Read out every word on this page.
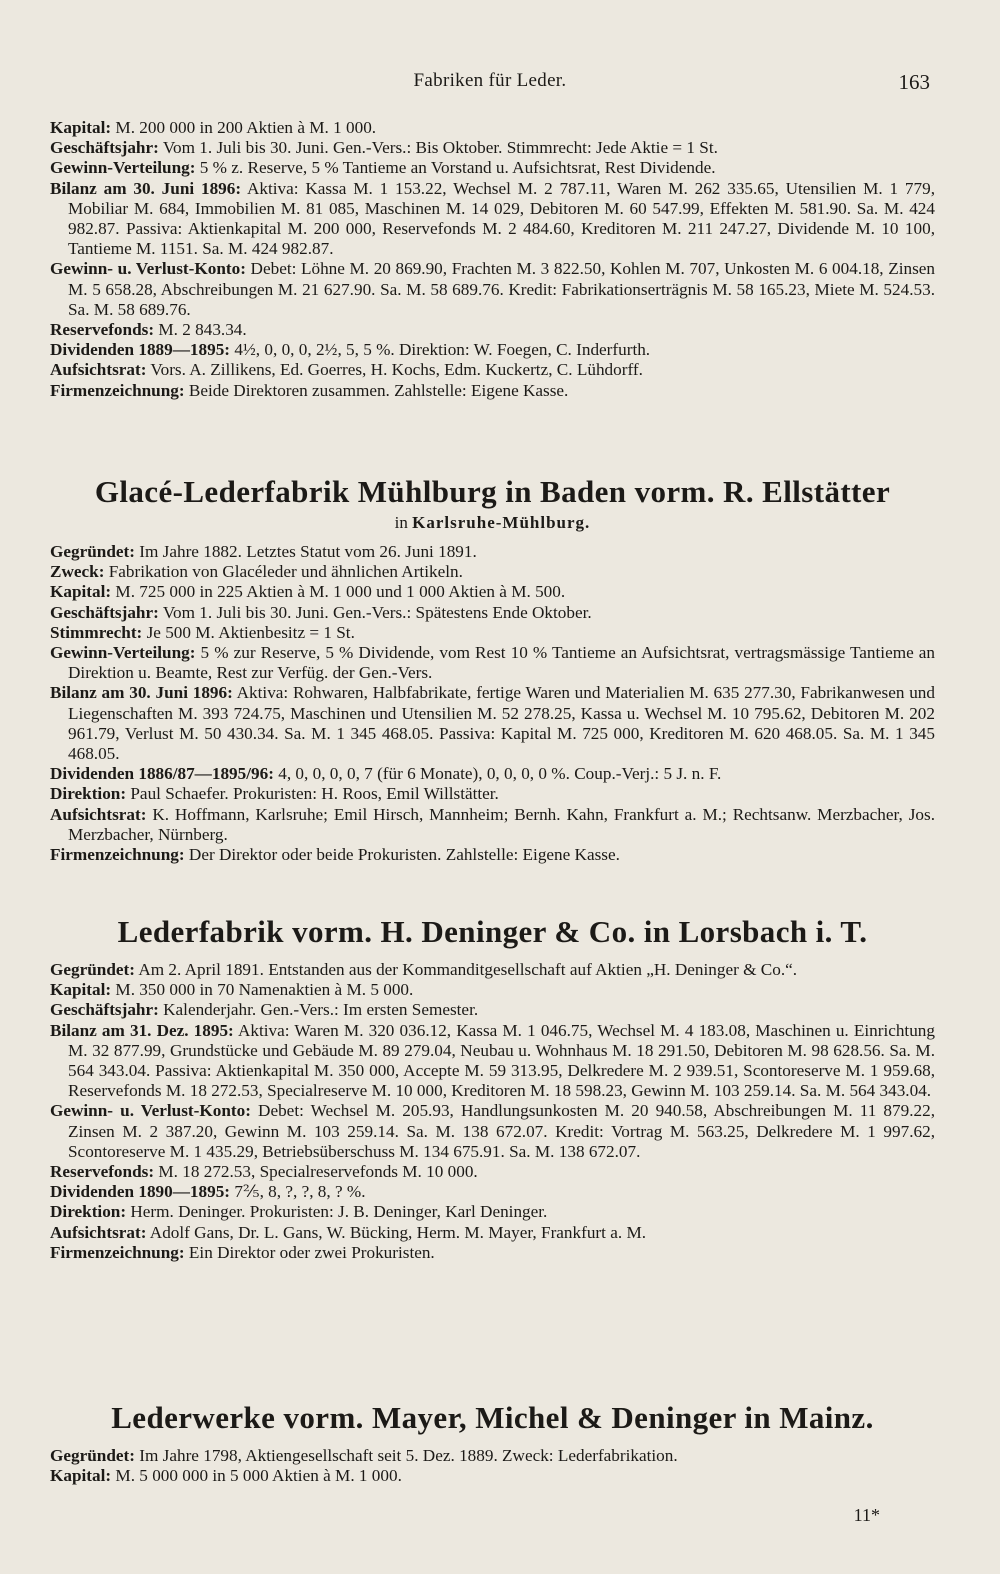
Fabriken für Leder.	163

Kapital: M. 200 000 in 200 Aktien à M. 1 000.

Geschäftsjahr: Vom 1. Juli bis 30. Juni. Gen.-Vers.: Bis Oktober. Stimmrecht: Jede Aktie = 1 St.

Gewinn-Verteilung: 5 % z. Reserve, 5 % Tantieme an Vorstand u. Aufsichtsrat, Rest Dividende.

Bilanz am 30. Juni 1896: Aktiva: Kassa M. 1 153.22, Wechsel M. 2 787.11, Waren M. 262 335.65, Utensilien M. 1 779, Mobiliar M. 684, Immobilien M. 81 085, Maschinen M. 14 029, Debitoren M. 60 547.99, Effekten M. 581.90. Sa. M. 424 982.87. Passiva: Aktienkapital M. 200 000, Reservefonds M. 2 484.60, Kreditoren M. 211 247.27, Dividende M. 10 100, Tantieme M. 1151. Sa. M. 424 982.87.

Gewinn- u. Verlust-Konto: Debet: Löhne M. 20 869.90, Frachten M. 3 822.50, Kohlen M. 707, Unkosten M. 6 004.18, Zinsen M. 5 658.28, Abschreibungen M. 21 627.90. Sa. M. 58 689.76. Kredit: Fabrikationserträgnis M. 58 165.23, Miete M. 524.53. Sa. M. 58 689.76.

Reservefonds: M. 2 843.34.

Dividenden 1889—1895: 4½, 0, 0, 0, 2½, 5, 5 %. Direktion: W. Foegen, C. Inderfurth.

Aufsichtsrat: Vors. A. Zillikens, Ed. Goerres, H. Kochs, Edm. Kuckertz, C. Lühdorff.

Firmenzeichnung: Beide Direktoren zusammen. Zahlstelle: Eigene Kasse.

Glacé-Lederfabrik Mühlburg in Baden vorm. R. Ellstätter
in Karlsruhe-Mühlburg.

Gegründet: Im Jahre 1882. Letztes Statut vom 26. Juni 1891.

Zweck: Fabrikation von Glacéleder und ähnlichen Artikeln.

Kapital: M. 725 000 in 225 Aktien à M. 1 000 und 1 000 Aktien à M. 500.

Geschäftsjahr: Vom 1. Juli bis 30. Juni. Gen.-Vers.: Spätestens Ende Oktober.

Stimmrecht: Je 500 M. Aktienbesitz = 1 St.

Gewinn-Verteilung: 5 % zur Reserve, 5 % Dividende, vom Rest 10 % Tantieme an Aufsichtsrat, vertragsmässige Tantieme an Direktion u. Beamte, Rest zur Verfüg. der Gen.-Vers.

Bilanz am 30. Juni 1896: Aktiva: Rohwaren, Halbfabrikate, fertige Waren und Materialien M. 635 277.30, Fabrikanwesen und Liegenschaften M. 393 724.75, Maschinen und Utensilien M. 52 278.25, Kassa u. Wechsel M. 10 795.62, Debitoren M. 202 961.79, Verlust M. 50 430.34. Sa. M. 1 345 468.05. Passiva: Kapital M. 725 000, Kreditoren M. 620 468.05. Sa. M. 1 345 468.05.

Dividenden 1886/87—1895/96: 4, 0, 0, 0, 0, 7 (für 6 Monate), 0, 0, 0, 0 %. Coup.-Verj.: 5 J. n. F.

Direktion: Paul Schaefer. Prokuristen: H. Roos, Emil Willstätter.

Aufsichtsrat: K. Hoffmann, Karlsruhe; Emil Hirsch, Mannheim; Bernh. Kahn, Frankfurt a. M.; Rechtsanw. Merzbacher, Jos. Merzbacher, Nürnberg.

Firmenzeichnung: Der Direktor oder beide Prokuristen. Zahlstelle: Eigene Kasse.

Lederfabrik vorm. H. Deninger & Co. in Lorsbach i. T.

Gegründet: Am 2. April 1891. Entstanden aus der Kommanditgesellschaft auf Aktien „H. Deninger & Co.“.

Kapital: M. 350 000 in 70 Namenaktien à M. 5 000.

Geschäftsjahr: Kalenderjahr. Gen.-Vers.: Im ersten Semester.

Bilanz am 31. Dez. 1895: Aktiva: Waren M. 320 036.12, Kassa M. 1 046.75, Wechsel M. 4 183.08, Maschinen u. Einrichtung M. 32 877.99, Grundstücke und Gebäude M. 89 279.04, Neubau u. Wohnhaus M. 18 291.50, Debitoren M. 98 628.56. Sa. M. 564 343.04. Passiva: Aktienkapital M. 350 000, Accepte M. 59 313.95, Delkredere M. 2 939.51, Scontoreserve M. 1 959.68, Reservefonds M. 18 272.53, Specialreserve M. 10 000, Kreditoren M. 18 598.23, Gewinn M. 103 259.14. Sa. M. 564 343.04.

Gewinn- u. Verlust-Konto: Debet: Wechsel M. 205.93, Handlungsunkosten M. 20 940.58, Abschreibungen M. 11 879.22, Zinsen M. 2 387.20, Gewinn M. 103 259.14. Sa. M. 138 672.07. Kredit: Vortrag M. 563.25, Delkredere M. 1 997.62, Scontoreserve M. 1 435.29, Betriebsüberschuss M. 134 675.91. Sa. M. 138 672.07.

Reservefonds: M. 18 272.53, Specialreservefonds M. 10 000.

Dividenden 1890—1895: 7⅖, 8, ?, ?, 8, ? %.

Direktion: Herm. Deninger. Prokuristen: J. B. Deninger, Karl Deninger.

Aufsichtsrat: Adolf Gans, Dr. L. Gans, W. Bücking, Herm. M. Mayer, Frankfurt a. M.

Firmenzeichnung: Ein Direktor oder zwei Prokuristen.

Lederwerke vorm. Mayer, Michel & Deninger in Mainz.

Gegründet: Im Jahre 1798, Aktiengesellschaft seit 5. Dez. 1889. Zweck: Lederfabrikation.

Kapital: M. 5 000 000 in 5 000 Aktien à M. 1 000.

11*
